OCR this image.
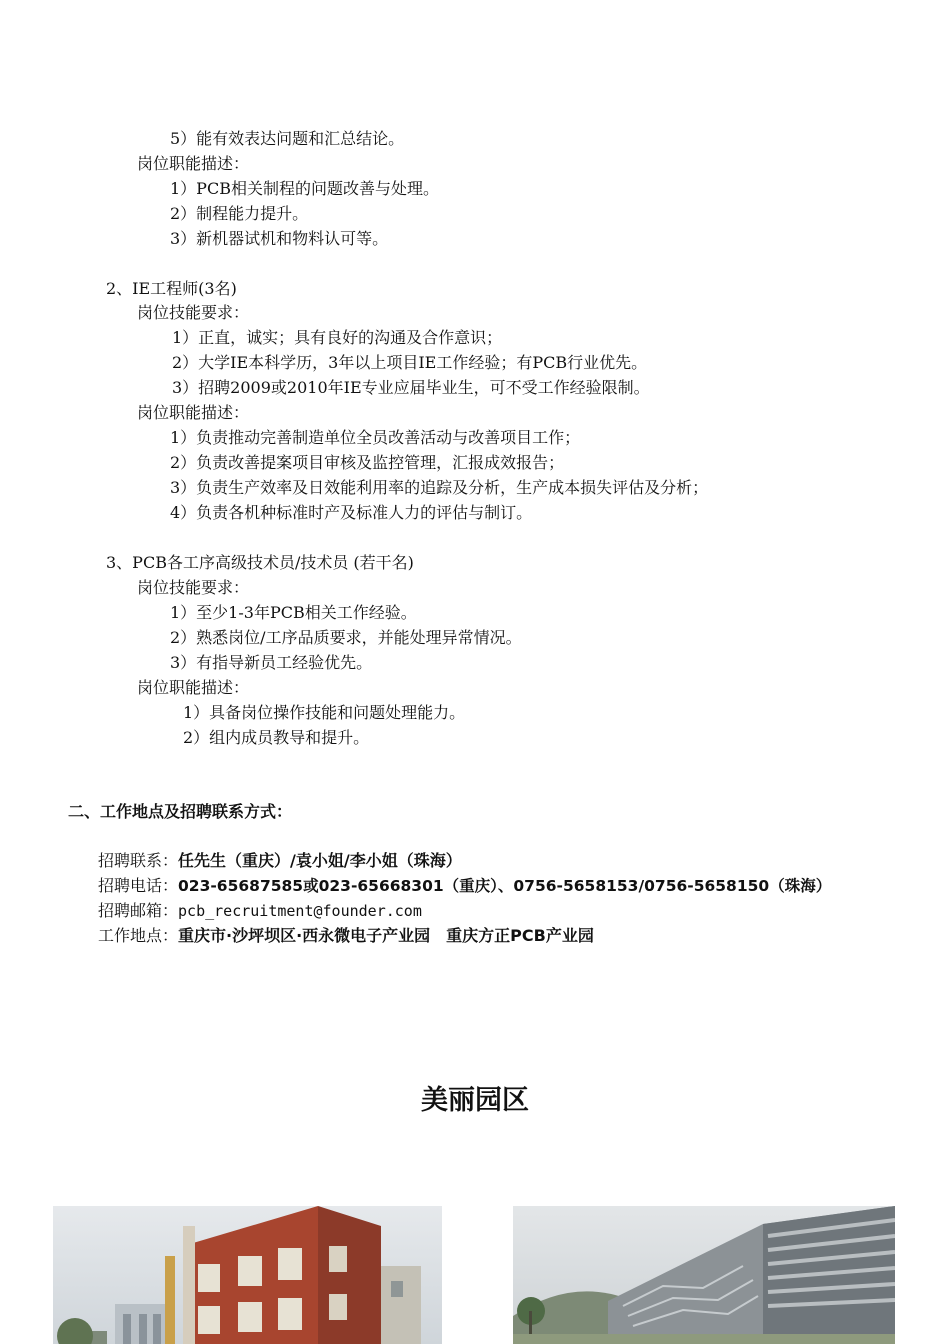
5）能有效表达问题和汇总结论。
岗位职能描述：
1）PCB相关制程的问题改善与处理。
2）制程能力提升。
3）新机器试机和物料认可等。
2、IE工程师(3名)
岗位技能要求：
1）正直，诚实；具有良好的沟通及合作意识；
2）大学IE本科学历，3年以上项目IE工作经验；有PCB行业优先。
3）招聘2009或2010年IE专业应届毕业生，可不受工作经验限制。
岗位职能描述：
1）负责推动完善制造单位全员改善活动与改善项目工作；
2）负责改善提案项目审核及监控管理，汇报成效报告；
3）负责生产效率及日效能利用率的追踪及分析，生产成本损失评估及分析；
4）负责各机种标准时产及标准人力的评估与制订。
3、PCB各工序高级技术员/技术员 (若干名)
岗位技能要求：
1）至少1-3年PCB相关工作经验。
2）熟悉岗位/工序品质要求，并能处理异常情况。
3）有指导新员工经验优先。
岗位职能描述：
1）具备岗位操作技能和问题处理能力。
2）组内成员教导和提升。
二、工作地点及招聘联系方式：
招聘联系：任先生（重庆）/袁小姐/李小姐（珠海）
招聘电话：023-65687585或023-65668301（重庆）、0756-5658153/0756-5658150（珠海）
招聘邮箱：pcb_recruitment@founder.com
工作地点：重庆市·沙坪坝区·西永微电子产业园　重庆方正PCB产业园
美丽园区
